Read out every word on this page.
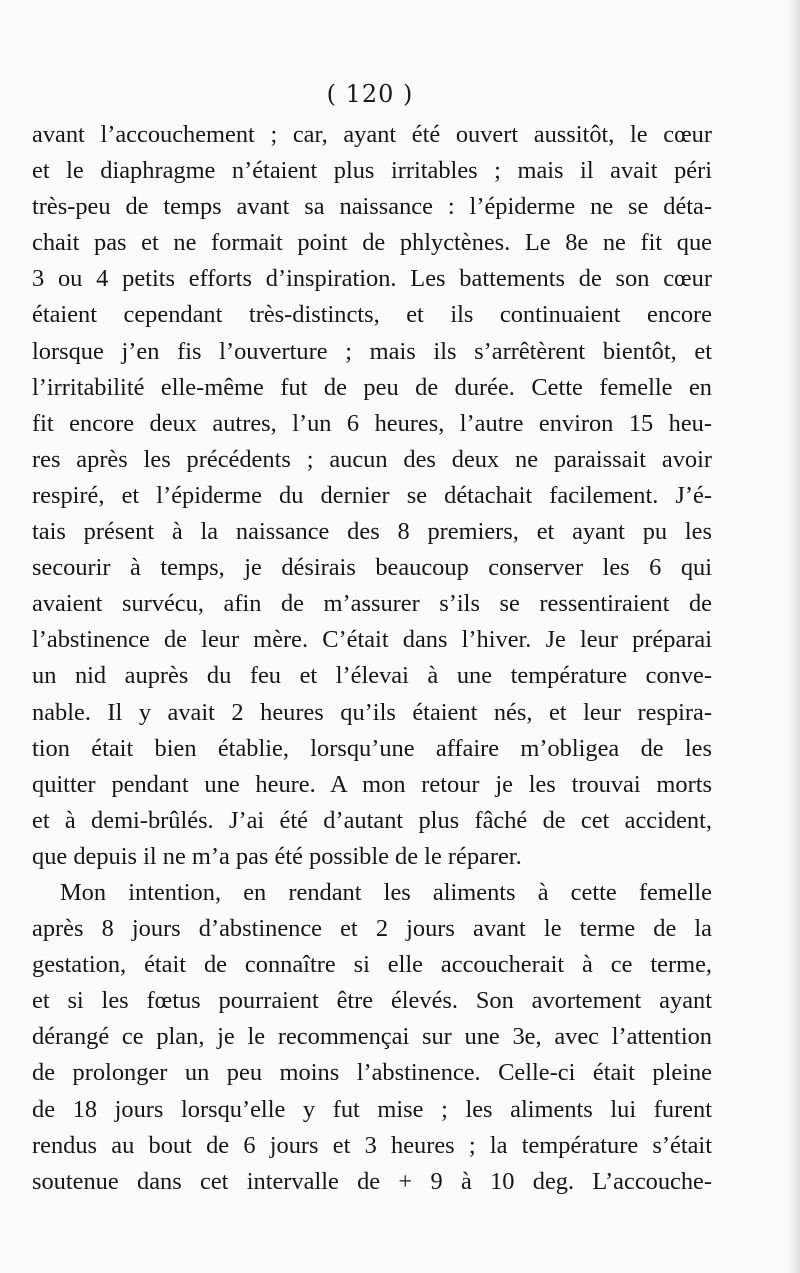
( 120 )
avant l’accouchement ; car, ayant été ouvert aussitôt, le cœur
et le diaphragme n’étaient plus irritables ; mais il avait péri
très-peu de temps avant sa naissance : l’épiderme ne se déta-
chait pas et ne formait point de phlyctènes. Le 8e ne fit que
3 ou 4 petits efforts d’inspiration. Les battements de son cœur
étaient cependant très-distincts, et ils continuaient encore
lorsque j’en fis l’ouverture ; mais ils s’arrêtèrent bientôt, et
l’irritabilité elle-même fut de peu de durée. Cette femelle en
fit encore deux autres, l’un 6 heures, l’autre environ 15 heu-
res après les précédents ; aucun des deux ne paraissait avoir
respiré, et l’épiderme du dernier se détachait facilement. J’é-
tais présent à la naissance des 8 premiers, et ayant pu les
secourir à temps, je désirais beaucoup conserver les 6 qui
avaient survécu, afin de m’assurer s’ils se ressentiraient de
l’abstinence de leur mère. C’était dans l’hiver. Je leur préparai
un nid auprès du feu et l’élevai à une température conve-
nable. Il y avait 2 heures qu’ils étaient nés, et leur respira-
tion était bien établie, lorsqu’une affaire m’obligea de les
quitter pendant une heure. A mon retour je les trouvai morts
et à demi-brûlés. J’ai été d’autant plus fâché de cet accident,
que depuis il ne m’a pas été possible de le réparer.
Mon intention, en rendant les aliments à cette femelle
après 8 jours d’abstinence et 2 jours avant le terme de la
gestation, était de connaître si elle accoucherait à ce terme,
et si les fœtus pourraient être élevés. Son avortement ayant
dérangé ce plan, je le recommençai sur une 3e, avec l’attention
de prolonger un peu moins l’abstinence. Celle-ci était pleine
de 18 jours lorsqu’elle y fut mise ; les aliments lui furent
rendus au bout de 6 jours et 3 heures ; la température s’était
soutenue dans cet intervalle de + 9 à 10 deg. L’accouche-
